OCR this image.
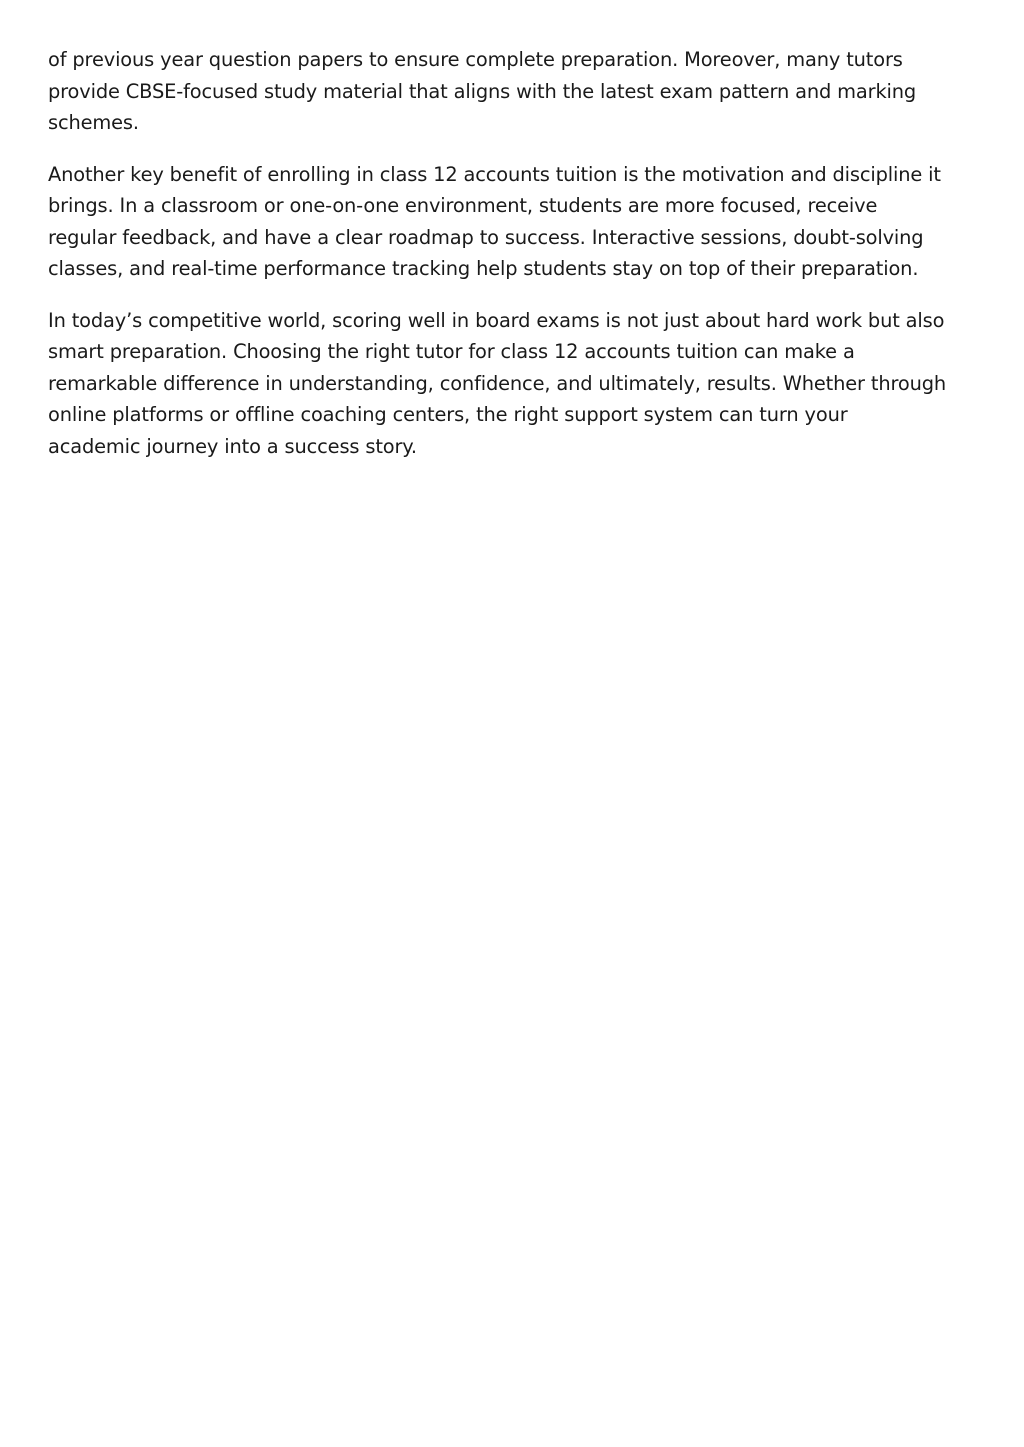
of previous year question papers to ensure complete preparation. Moreover, many tutors
provide CBSE-focused study material that aligns with the latest exam pattern and marking
schemes.

Another key benefit of enrolling in class 12 accounts tuition is the motivation and discipline it
brings. In a classroom or one-on-one environment, students are more focused, receive
regular feedback, and have a clear roadmap to success. Interactive sessions, doubt-solving
classes, and real-time performance tracking help students stay on top of their preparation.

In today’s competitive world, scoring well in board exams is not just about hard work but also
smart preparation. Choosing the right tutor for class 12 accounts tuition can make a
remarkable difference in understanding, confidence, and ultimately, results. Whether through
online platforms or offline coaching centers, the right support system can turn your
academic journey into a success story.
